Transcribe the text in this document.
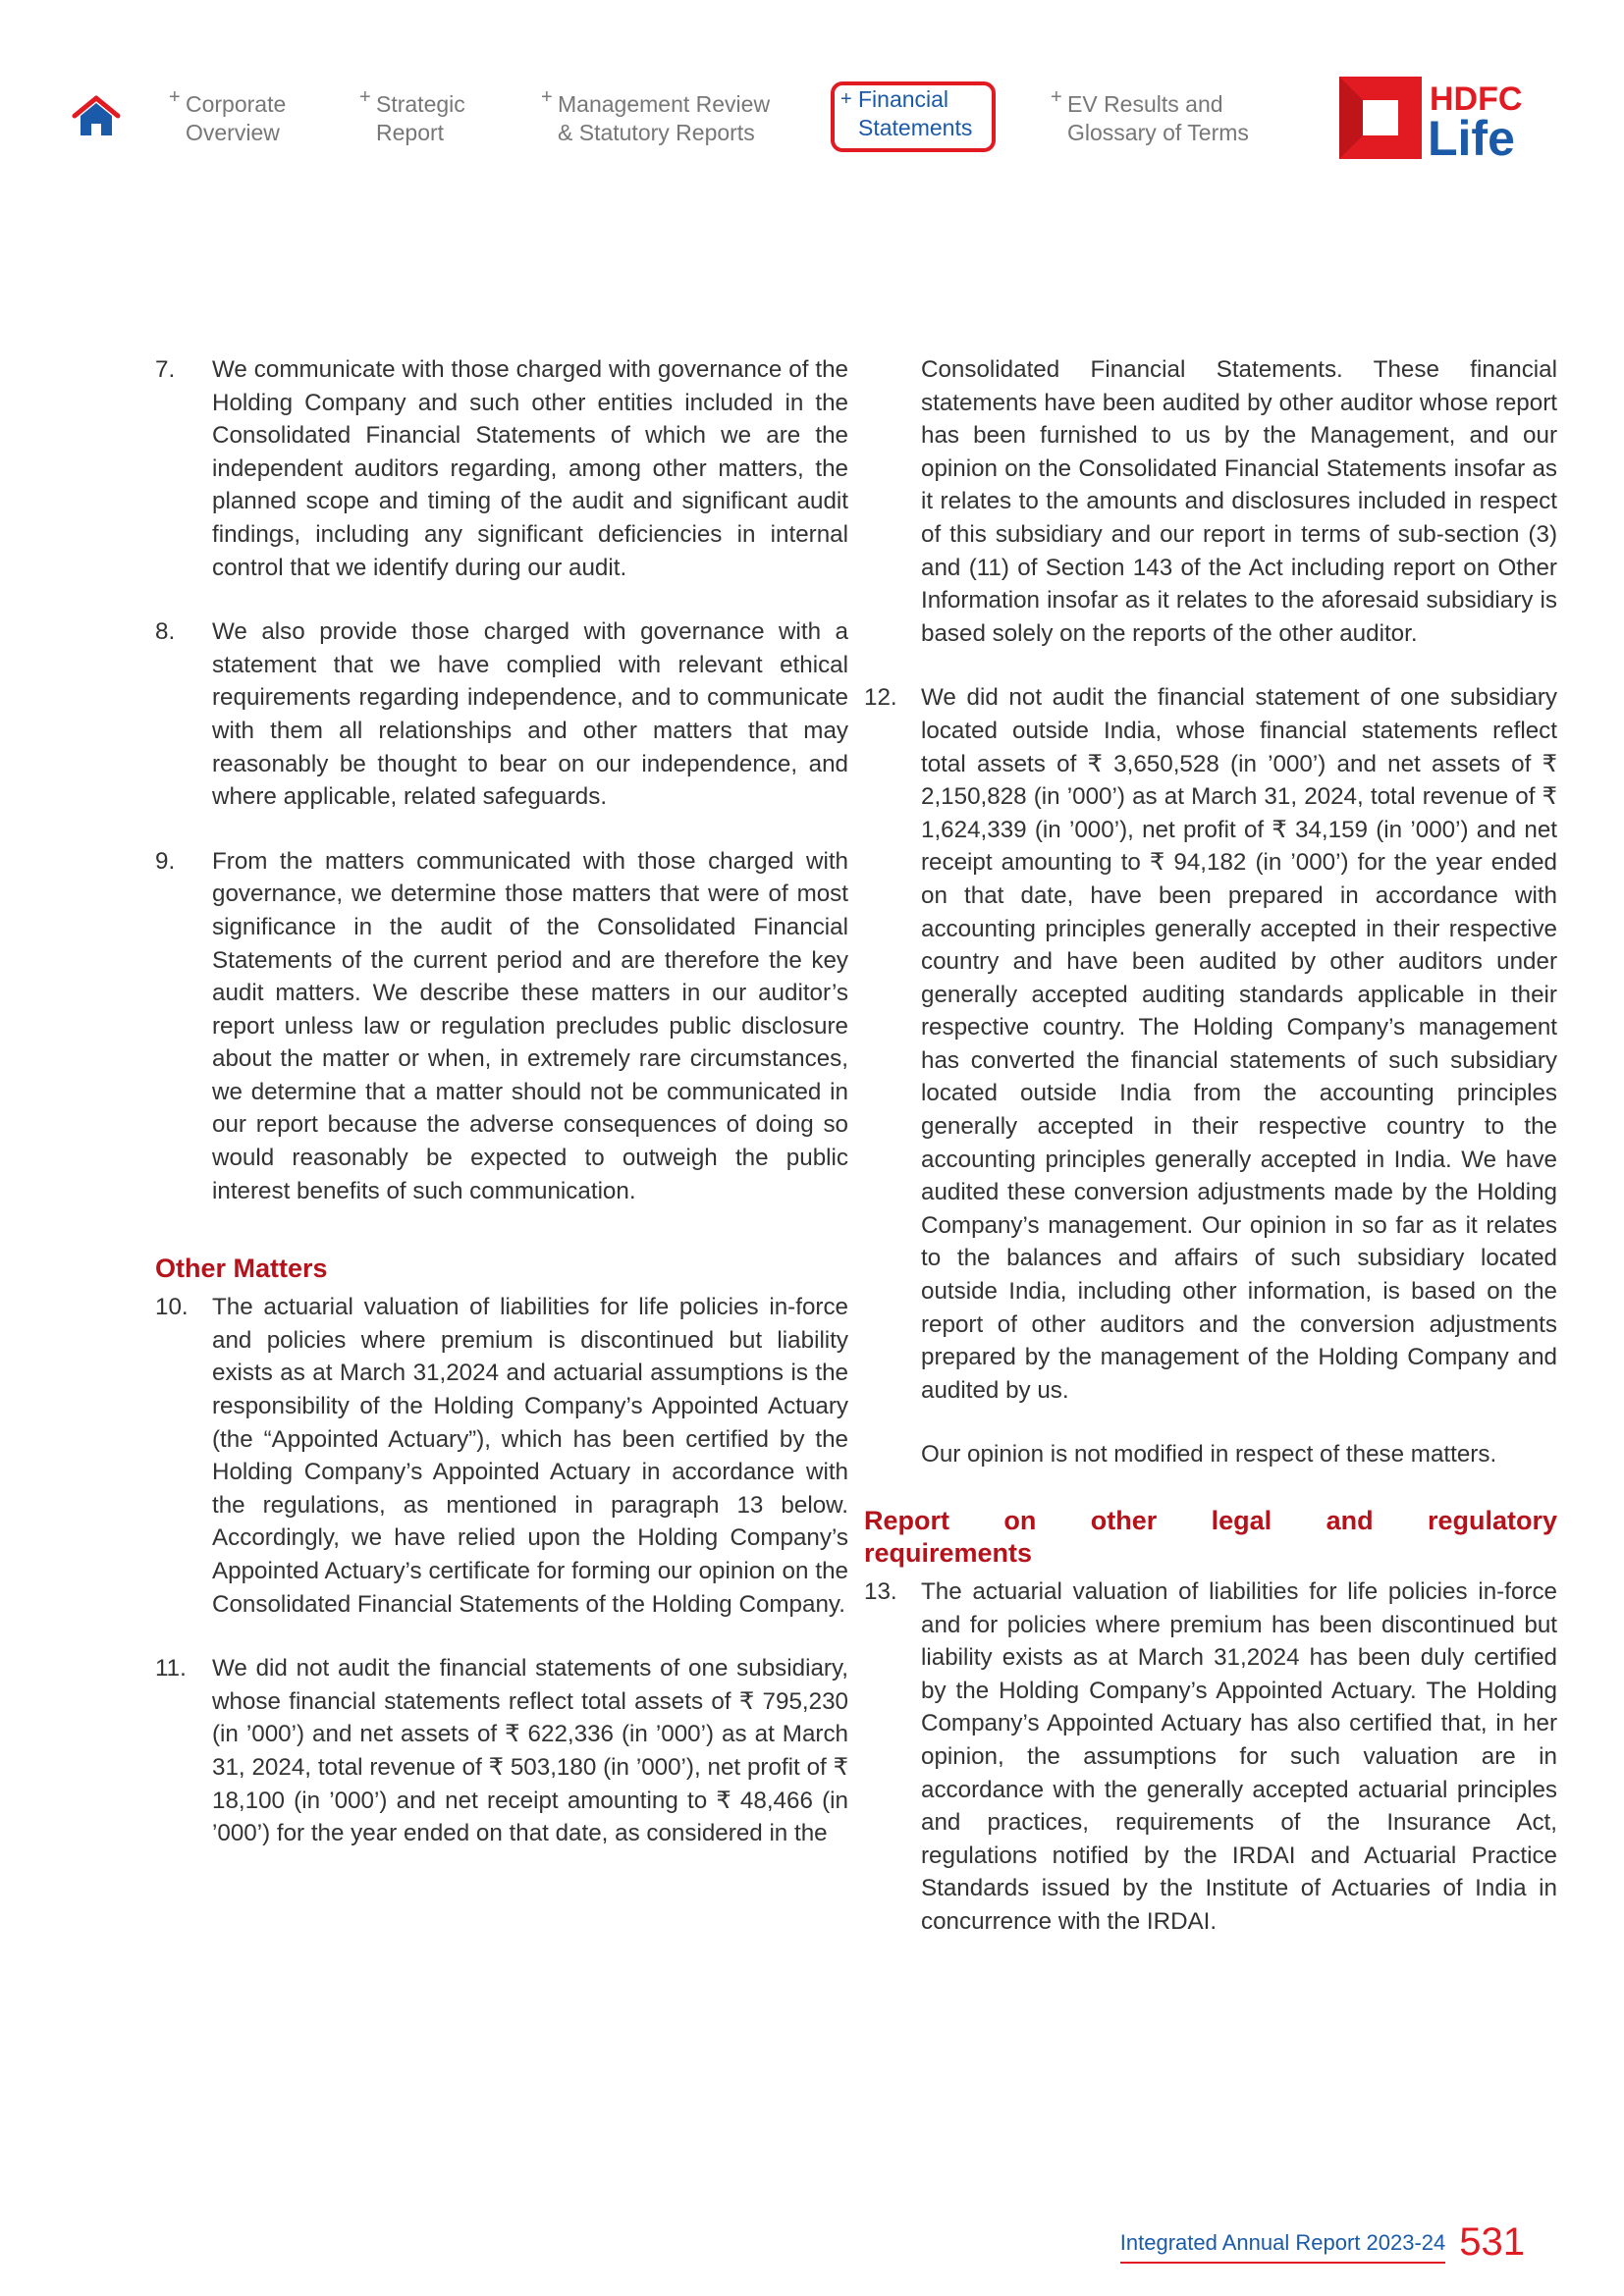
+ Corporate
Overview
+ Strategic
Report
+ Management Review
& Statutory Reports
+ Financial
Statements
+ EV Results and
Glossary of Terms
HDFC
Life
7. We communicate with those charged with governance of the Holding Company and such other entities included in the Consolidated Financial Statements of which we are the independent auditors regarding, among other matters, the planned scope and timing of the audit and significant audit findings, including any significant deficiencies in internal control that we identify during our audit.
8. We also provide those charged with governance with a statement that we have complied with relevant ethical requirements regarding independence, and to communicate with them all relationships and other matters that may reasonably be thought to bear on our independence, and where applicable, related safeguards.
9. From the matters communicated with those charged with governance, we determine those matters that were of most significance in the audit of the Consolidated Financial Statements of the current period and are therefore the key audit matters. We describe these matters in our auditor’s report unless law or regulation precludes public disclosure about the matter or when, in extremely rare circumstances, we determine that a matter should not be communicated in our report because the adverse consequences of doing so would reasonably be expected to outweigh the public interest benefits of such communication.
Other Matters
10. The actuarial valuation of liabilities for life policies in-force and policies where premium is discontinued but liability exists as at March 31,2024 and actuarial assumptions is the responsibility of the Holding Company’s Appointed Actuary (the “Appointed Actuary”), which has been certified by the Holding Company’s Appointed Actuary in accordance with the regulations, as mentioned in paragraph 13 below. Accordingly, we have relied upon the Holding Company’s Appointed Actuary’s certificate for forming our opinion on the Consolidated Financial Statements of the Holding Company.
11. We did not audit the financial statements of one subsidiary, whose financial statements reflect total assets of ₹ 795,230 (in ’000’) and net assets of ₹ 622,336 (in ’000’) as at March 31, 2024, total revenue of ₹ 503,180 (in ’000’), net profit of ₹ 18,100 (in ’000’) and net receipt amounting to ₹ 48,466 (in ’000’) for the year ended on that date, as considered in the
Consolidated Financial Statements. These financial statements have been audited by other auditor whose report has been furnished to us by the Management, and our opinion on the Consolidated Financial Statements insofar as it relates to the amounts and disclosures included in respect of this subsidiary and our report in terms of sub-section (3) and (11) of Section 143 of the Act including report on Other Information insofar as it relates to the aforesaid subsidiary is based solely on the reports of the other auditor.
12. We did not audit the financial statement of one subsidiary located outside India, whose financial statements reflect total assets of ₹ 3,650,528 (in ’000’) and net assets of ₹ 2,150,828 (in ’000’) as at March 31, 2024, total revenue of ₹ 1,624,339 (in ’000’), net profit of ₹ 34,159 (in ’000’) and net receipt amounting to ₹ 94,182 (in ’000’) for the year ended on that date, have been prepared in accordance with accounting principles generally accepted in their respective country and have been audited by other auditors under generally accepted auditing standards applicable in their respective country. The Holding Company’s management has converted the financial statements of such subsidiary located outside India from the accounting principles generally accepted in their respective country to the accounting principles generally accepted in India. We have audited these conversion adjustments made by the Holding Company’s management. Our opinion in so far as it relates to the balances and affairs of such subsidiary located outside India, including other information, is based on the report of other auditors and the conversion adjustments prepared by the management of the Holding Company and audited by us.
Our opinion is not modified in respect of these matters.
Report on other legal and regulatory
requirements
13. The actuarial valuation of liabilities for life policies in-force and for policies where premium has been discontinued but liability exists as at March 31,2024 has been duly certified by the Holding Company’s Appointed Actuary. The Holding Company’s Appointed Actuary has also certified that, in her opinion, the assumptions for such valuation are in accordance with the generally accepted actuarial principles and practices, requirements of the Insurance Act, regulations notified by the IRDAI and Actuarial Practice Standards issued by the Institute of Actuaries of India in concurrence with the IRDAI.
Integrated Annual Report 2023-24 531
